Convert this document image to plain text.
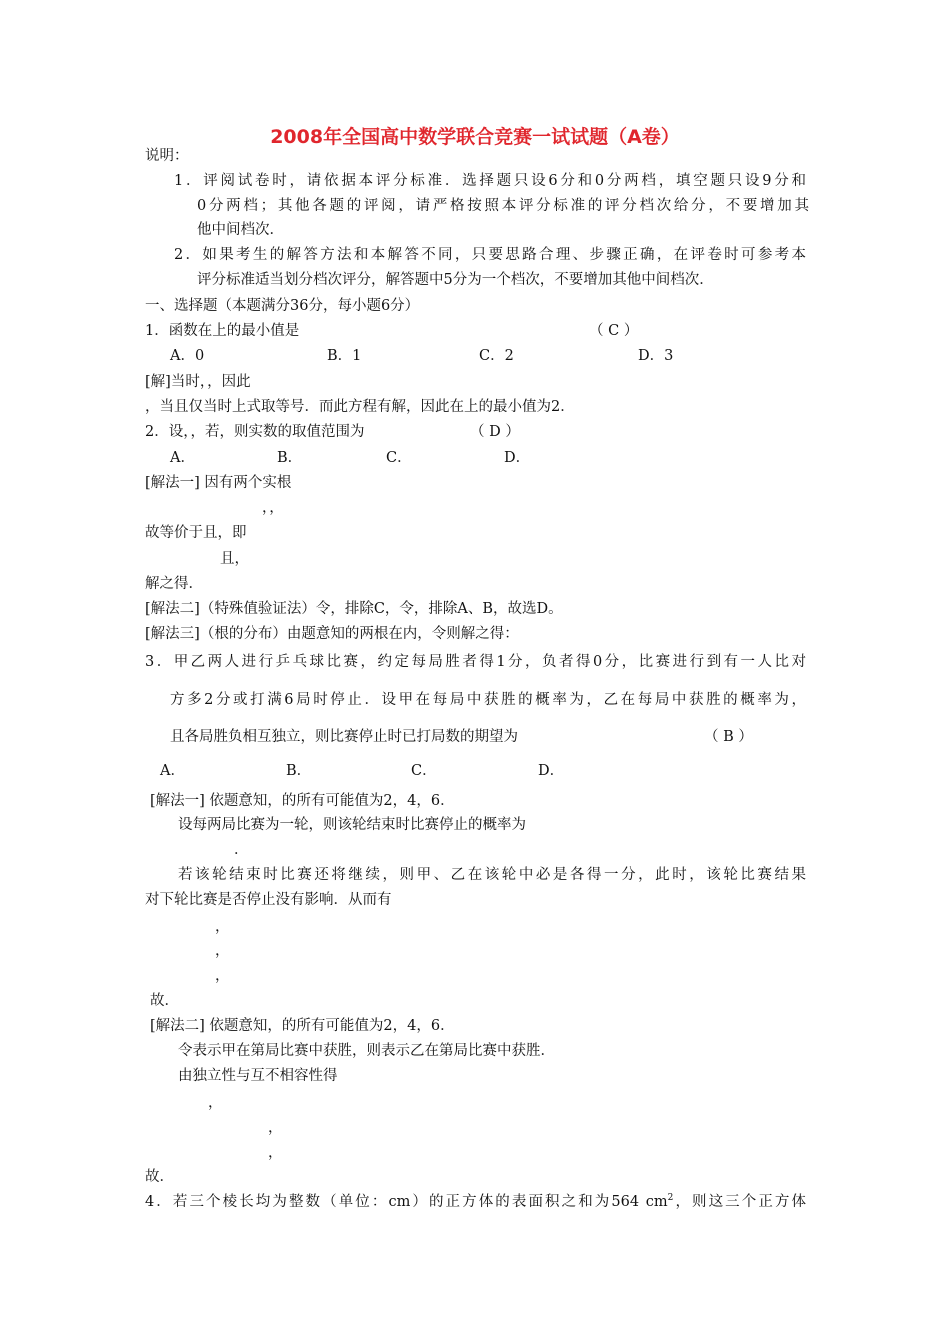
2008年全国高中数学联合竞赛一试试题（A卷）
说明：
1．评阅试卷时，请依据本评分标准．选择题只设6分和0分两档，填空题只设9分和
0分两档；其他各题的评阅，请严格按照本评分标准的评分档次给分，不要增加其
他中间档次．
2．如果考生的解答方法和本解答不同，只要思路合理、步骤正确，在评卷时可参考本
评分标准适当划分档次评分，解答题中5分为一个档次，不要增加其他中间档次．
一、选择题（本题满分36分，每小题6分）
1．函数在上的最小值是	（ C ）
A．0	B．1	C．2	D．3
[解]当时，，因此
，当且仅当时上式取等号．而此方程有解，因此在上的最小值为2．
2．设，，若，则实数的取值范围为	（ D ）
A．	B．	C．	D．
[解法一] 因有两个实根
，，
故等价于且，即
且，
解之得．
[解法二]（特殊值验证法）令，排除C，令，排除A、B，故选D。
[解法三]（根的分布）由题意知的两根在内，令则解之得：
3．甲乙两人进行乒乓球比赛，约定每局胜者得1分，负者得0分，比赛进行到有一人比对
方多2分或打满6局时停止．设甲在每局中获胜的概率为，乙在每局中获胜的概率为，
且各局胜负相互独立，则比赛停止时已打局数的期望为	（ B ）
A．	B．	C．	D．
[解法一] 依题意知，的所有可能值为2，4，6．
设每两局比赛为一轮，则该轮结束时比赛停止的概率为
．
若该轮结束时比赛还将继续，则甲、乙在该轮中必是各得一分，此时，该轮比赛结果
对下轮比赛是否停止没有影响．从而有
，
，
，
故．
[解法二] 依题意知，的所有可能值为2，4，6．
令表示甲在第局比赛中获胜，则表示乙在第局比赛中获胜．
由独立性与互不相容性得
，
，
，
故．
4．若三个棱长均为整数（单位：cm）的正方体的表面积之和为564 $cm^2$，则这三个正方体
